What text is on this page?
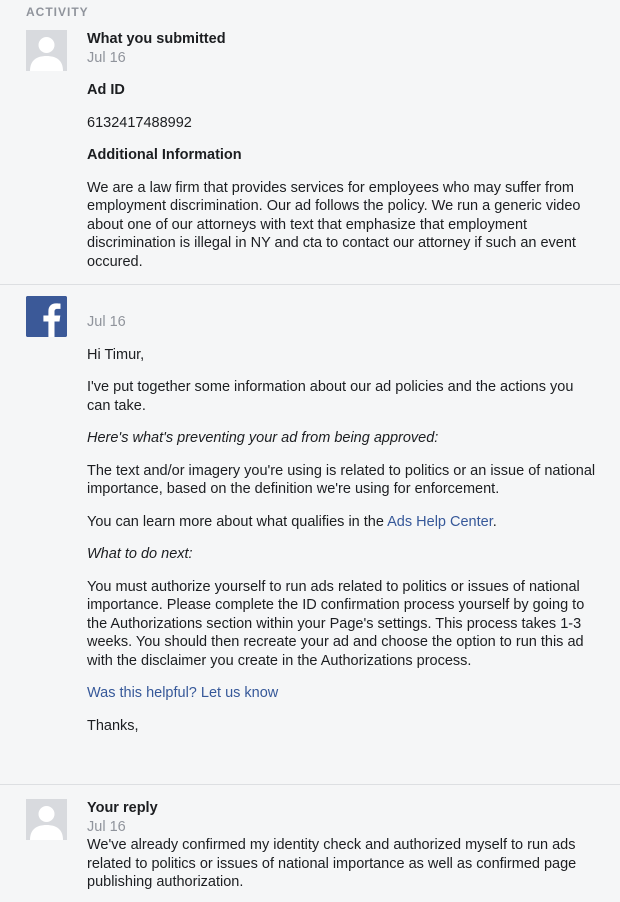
ACTIVITY

What you submitted

Jul 16

Ad ID

6132417488992

Additional Information

We are a law firm that provides services for employees who may suffer from employment discrimination. Our ad follows the policy. We run a generic video about one of our attorneys with text that emphasize that employment discrimination is illegal in NY and cta to contact our attorney if such an event occured.

Jul 16

Hi Timur,

I've put together some information about our ad policies and the actions you can take.

Here's what's preventing your ad from being approved:

The text and/or imagery you're using is related to politics or an issue of national importance, based on the definition we're using for enforcement.

You can learn more about what qualifies in the Ads Help Center.

What to do next:

You must authorize yourself to run ads related to politics or issues of national importance. Please complete the ID confirmation process yourself by going to the Authorizations section within your Page's settings. This process takes 1-3 weeks. You should then recreate your ad and choose the option to run this ad with the disclaimer you create in the Authorizations process.

Was this helpful? Let us know

Thanks,

Your reply

Jul 16

We've already confirmed my identity check and authorized myself to run ads related to politics or issues of national importance as well as confirmed page publishing authorization.
